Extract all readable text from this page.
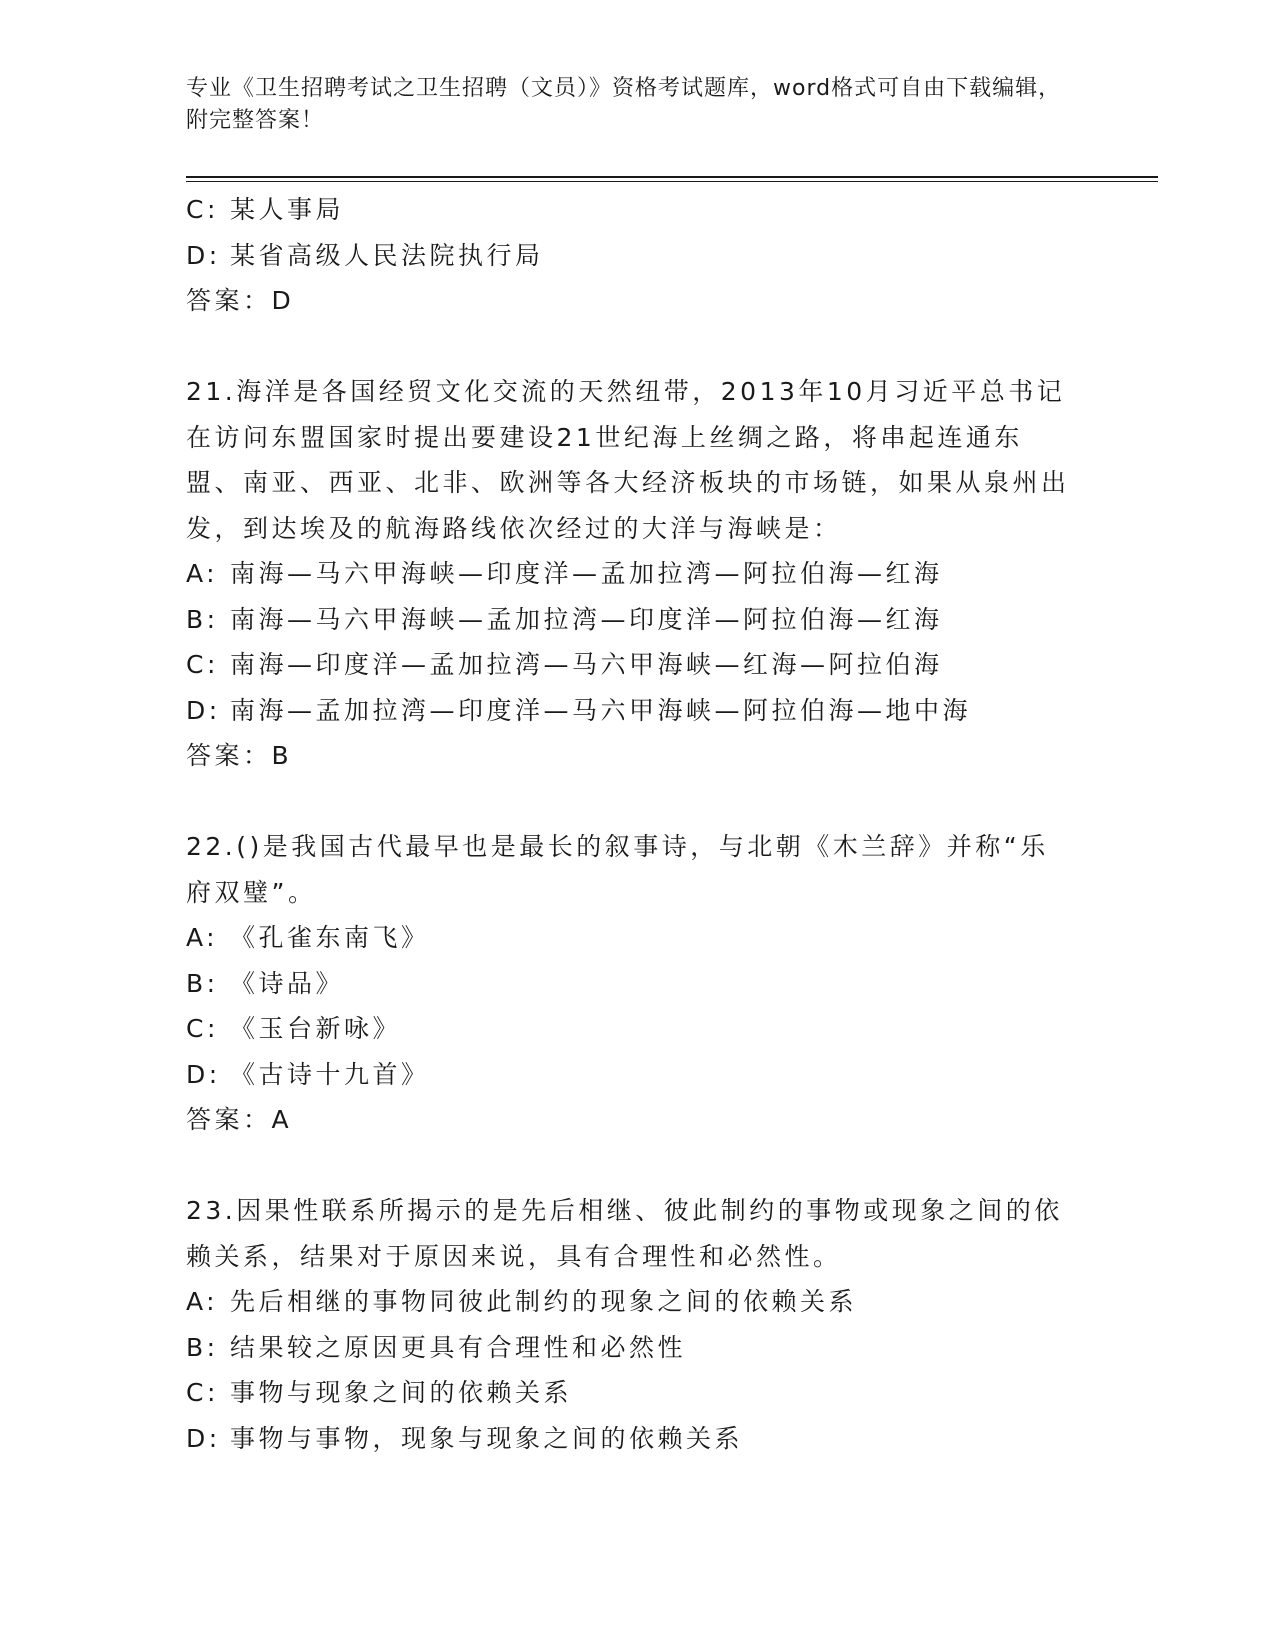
专业《卫生招聘考试之卫生招聘（文员）》资格考试题库，word格式可自由下载编辑，附完整答案！
C: 某人事局
D: 某省高级人民法院执行局
答案：D
21.海洋是各国经贸文化交流的天然纽带，2013年10月习近平总书记在访问东盟国家时提出要建设21世纪海上丝绸之路，将串起连通东盟、南亚、西亚、北非、欧洲等各大经济板块的市场链，如果从泉州出发，到达埃及的航海路线依次经过的大洋与海峡是：
A: 南海—马六甲海峡—印度洋—孟加拉湾—阿拉伯海—红海
B: 南海—马六甲海峡—孟加拉湾—印度洋—阿拉伯海—红海
C: 南海—印度洋—孟加拉湾—马六甲海峡—红海—阿拉伯海
D: 南海—孟加拉湾—印度洋—马六甲海峡—阿拉伯海—地中海
答案：B
22.()是我国古代最早也是最长的叙事诗，与北朝《木兰辞》并称“乐府双璧”。
A: 《孔雀东南飞》
B: 《诗品》
C: 《玉台新咏》
D: 《古诗十九首》
答案：A
23.因果性联系所揭示的是先后相继、彼此制约的事物或现象之间的依赖关系，结果对于原因来说，具有合理性和必然性。
A: 先后相继的事物同彼此制约的现象之间的依赖关系
B: 结果较之原因更具有合理性和必然性
C: 事物与现象之间的依赖关系
D: 事物与事物，现象与现象之间的依赖关系
